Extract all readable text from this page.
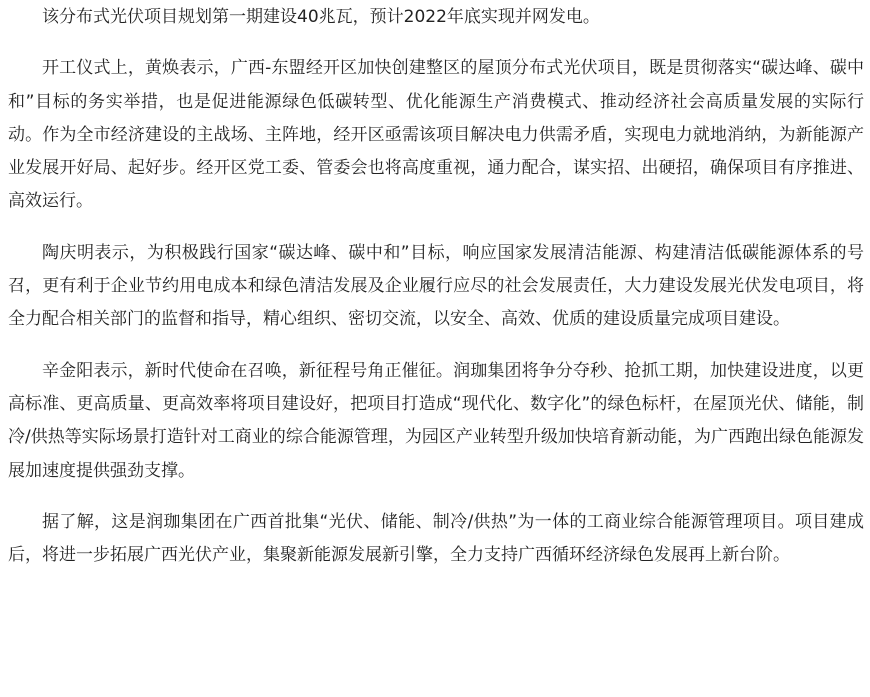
该分布式光伏项目规划第一期建设40兆瓦，预计2022年底实现并网发电。

开工仪式上，黄焕表示，广西-东盟经开区加快创建整区的屋顶分布式光伏项目，既是贯彻落实“碳达峰、碳中和”目标的务实举措，也是促进能源绿色低碳转型、优化能源生产消费模式、推动经济社会高质量发展的实际行动。作为全市经济建设的主战场、主阵地，经开区亟需该项目解决电力供需矛盾，实现电力就地消纳，为新能源产业发展开好局、起好步。经开区党工委、管委会也将高度重视，通力配合，谋实招、出硬招，确保项目有序推进、高效运行。

陶庆明表示，为积极践行国家“碳达峰、碳中和”目标，响应国家发展清洁能源、构建清洁低碳能源体系的号召，更有利于企业节约用电成本和绿色清洁发展及企业履行应尽的社会发展责任，大力建设发展光伏发电项目，将全力配合相关部门的监督和指导，精心组织、密切交流，以安全、高效、优质的建设质量完成项目建设。

辛金阳表示，新时代使命在召唤，新征程号角正催征。润珈集团将争分夺秒、抢抓工期，加快建设进度，以更高标准、更高质量、更高效率将项目建设好，把项目打造成“现代化、数字化”的绿色标杆，在屋顶光伏、储能，制冷/供热等实际场景打造针对工商业的综合能源管理，为园区产业转型升级加快培育新动能，为广西跑出绿色能源发展加速度提供强劲支撑。

据了解，这是润珈集团在广西首批集“光伏、储能、制冷/供热”为一体的工商业综合能源管理项目。项目建成后，将进一步拓展广西光伏产业，集聚新能源发展新引擎，全力支持广西循环经济绿色发展再上新台阶。
